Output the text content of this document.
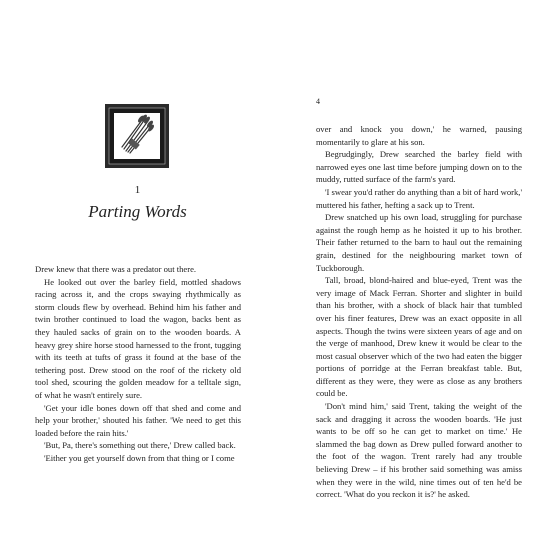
1
Parting Words

Drew knew that there was a predator out there.

He looked out over the barley field, mottled shadows racing across it, and the crops swaying rhythmically as storm clouds flew by overhead. Behind him his father and twin brother continued to load the wagon, backs bent as they hauled sacks of grain on to the wooden boards. A heavy grey shire horse stood harnessed to the front, tugging with its teeth at tufts of grass it found at the base of the tethering post. Drew stood on the roof of the rickety old tool shed, scouring the golden meadow for a telltale sign, of what he wasn't entirely sure.

'Get your idle bones down off that shed and come and help your brother,' shouted his father. 'We need to get this loaded before the rain hits.'

'But, Pa, there's something out there,' Drew called back.

'Either you get yourself down from that thing or I come

4

over and knock you down,' he warned, pausing momentarily to glare at his son.

Begrudgingly, Drew searched the barley field with narrowed eyes one last time before jumping down on to the muddy, rutted surface of the farm's yard.

'I swear you'd rather do anything than a bit of hard work,' muttered his father, hefting a sack up to Trent.

Drew snatched up his own load, struggling for purchase against the rough hemp as he hoisted it up to his brother. Their father returned to the barn to haul out the remaining grain, destined for the neighbouring market town of Tuckborough.

Tall, broad, blond-haired and blue-eyed, Trent was the very image of Mack Ferran. Shorter and slighter in build than his brother, with a shock of black hair that tumbled over his finer features, Drew was an exact opposite in all aspects. Though the twins were sixteen years of age and on the verge of manhood, Drew knew it would be clear to the most casual observer which of the two had eaten the bigger portions of porridge at the Ferran breakfast table. But, different as they were, they were as close as any brothers could be.

'Don't mind him,' said Trent, taking the weight of the sack and dragging it across the wooden boards. 'He just wants to be off so he can get to market on time.' He slammed the bag down as Drew pulled forward another to the foot of the wagon. Trent rarely had any trouble believing Drew – if his brother said something was amiss when they were in the wild, nine times out of ten he'd be correct. 'What do you reckon it is?' he asked.
